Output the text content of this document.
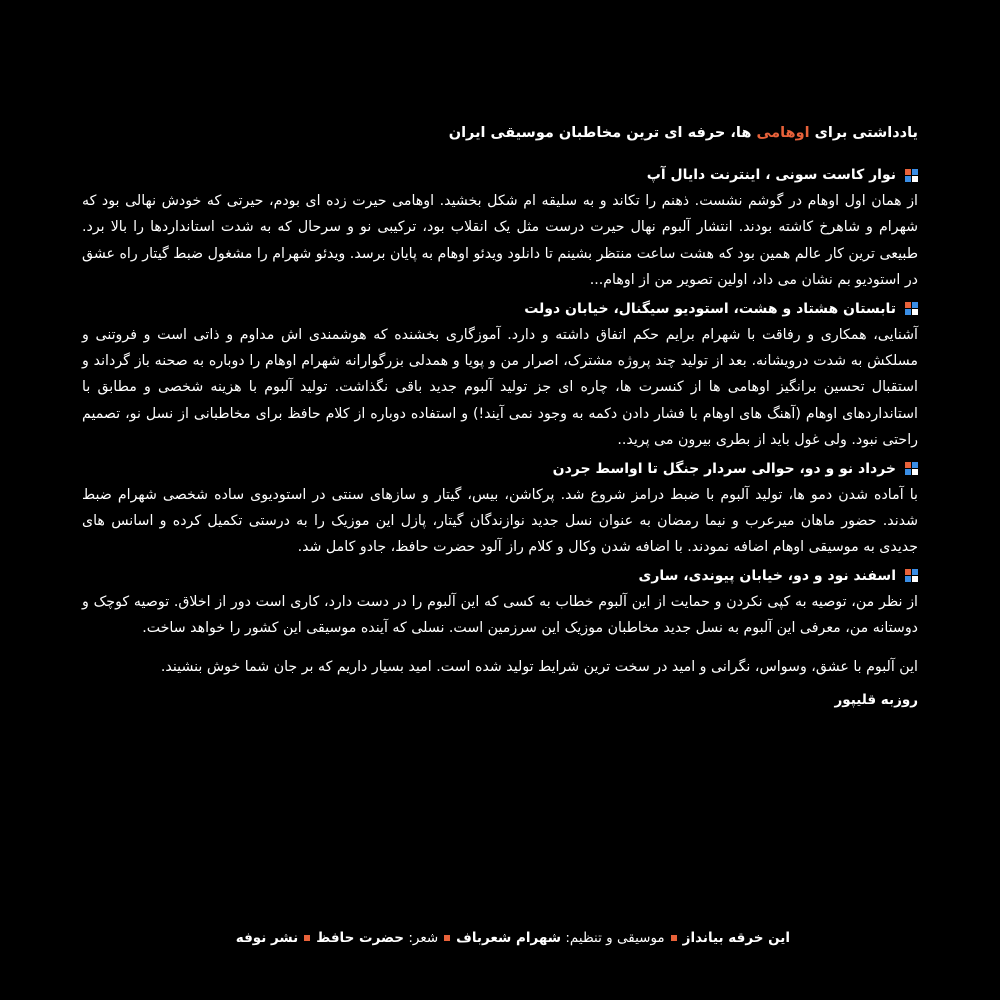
یادداشتی برای اوهامی ها، حرفه ای ترین مخاطبان موسیقی ایران
نوار کاست سونی ، اینترنت دایال آپ

از همان اول اوهام در گوشم نشست. ذهنم را تکاند و به سلیقه ام شکل بخشید. اوهامی حیرت زده ای بودم، حیرتی که خودش نهالی بود که شهرام و شاهرخ کاشته بودند. انتشار آلبوم نهال حیرت درست مثل یک انقلاب بود، ترکیبی نو و سرحال که به شدت استانداردها را بالا برد. طبیعی ترین کار عالم همین بود که هشت ساعت منتظر بشینم تا دانلود ویدئو اوهام به پایان برسد. ویدئو شهرام را مشغول ضبط گیتار راه عشق در استودیو بم نشان می داد، اولین تصویر من از اوهام...

تابستان هشتاد و هشت، استودیو سیگنال، خیابان دولت

آشنایی، همکاری و رفاقت با شهرام برایم حکم اتفاق داشته و دارد. آموزگاری بخشنده که هوشمندی اش مداوم و ذاتی است و فروتنی و مسلکش به شدت درویشانه. بعد از تولید چند پروژه مشترک، اصرار من و پویا و همدلی بزرگوارانه شهرام اوهام را دوباره به صحنه باز گرداند و استقبال تحسین برانگیز اوهامی ها از کنسرت ها، چاره ای جز تولید آلبوم جدید باقی نگذاشت. تولید آلبوم با هزینه شخصی و مطابق با استانداردهای اوهام (آهنگ های اوهام با فشار دادن دکمه به وجود نمی آیند!) و استفاده دوباره از کلام حافظ برای مخاطبانی از نسل نو، تصمیم راحتی نبود. ولی غول باید از بطری بیرون می پرید..

خرداد نو و دو، حوالی سردار جنگل تا اواسط جردن

با آماده شدن دمو ها، تولید آلبوم با ضبط درامز شروع شد. پرکاشن، بیس، گیتار و سازهای سنتی در استودیوی ساده شخصی شهرام ضبط شدند. حضور ماهان میرعرب و نیما رمضان به عنوان نسل جدید نوازندگان گیتار، پازل این موزیک را به درستی تکمیل کرده و اسانس های جدیدی به موسیقی اوهام اضافه نمودند. با اضافه شدن وکال و کلام راز آلود حضرت حافظ، جادو کامل شد.

اسفند نود و دو، خیابان پیوندی، ساری

از نظر من، توصیه به کپی نکردن و حمایت از این آلبوم خطاب به کسی که این آلبوم را در دست دارد، کاری است دور از اخلاق. توصیه کوچک و دوستانه من، معرفی این آلبوم به نسل جدید مخاطبان موزیک این سرزمین است. نسلی که آینده موسیقی این کشور را خواهد ساخت.

این آلبوم با عشق، وسواس، نگرانی و امید در سخت ترین شرایط تولید شده است. امید بسیار داریم که بر جان شما خوش بنشیند.

روزبه قلیپور
این خرقه بیاندازموسیقی و تنظیم: شهرام شعربافشعر: حضرت حافظنشر نوفه
